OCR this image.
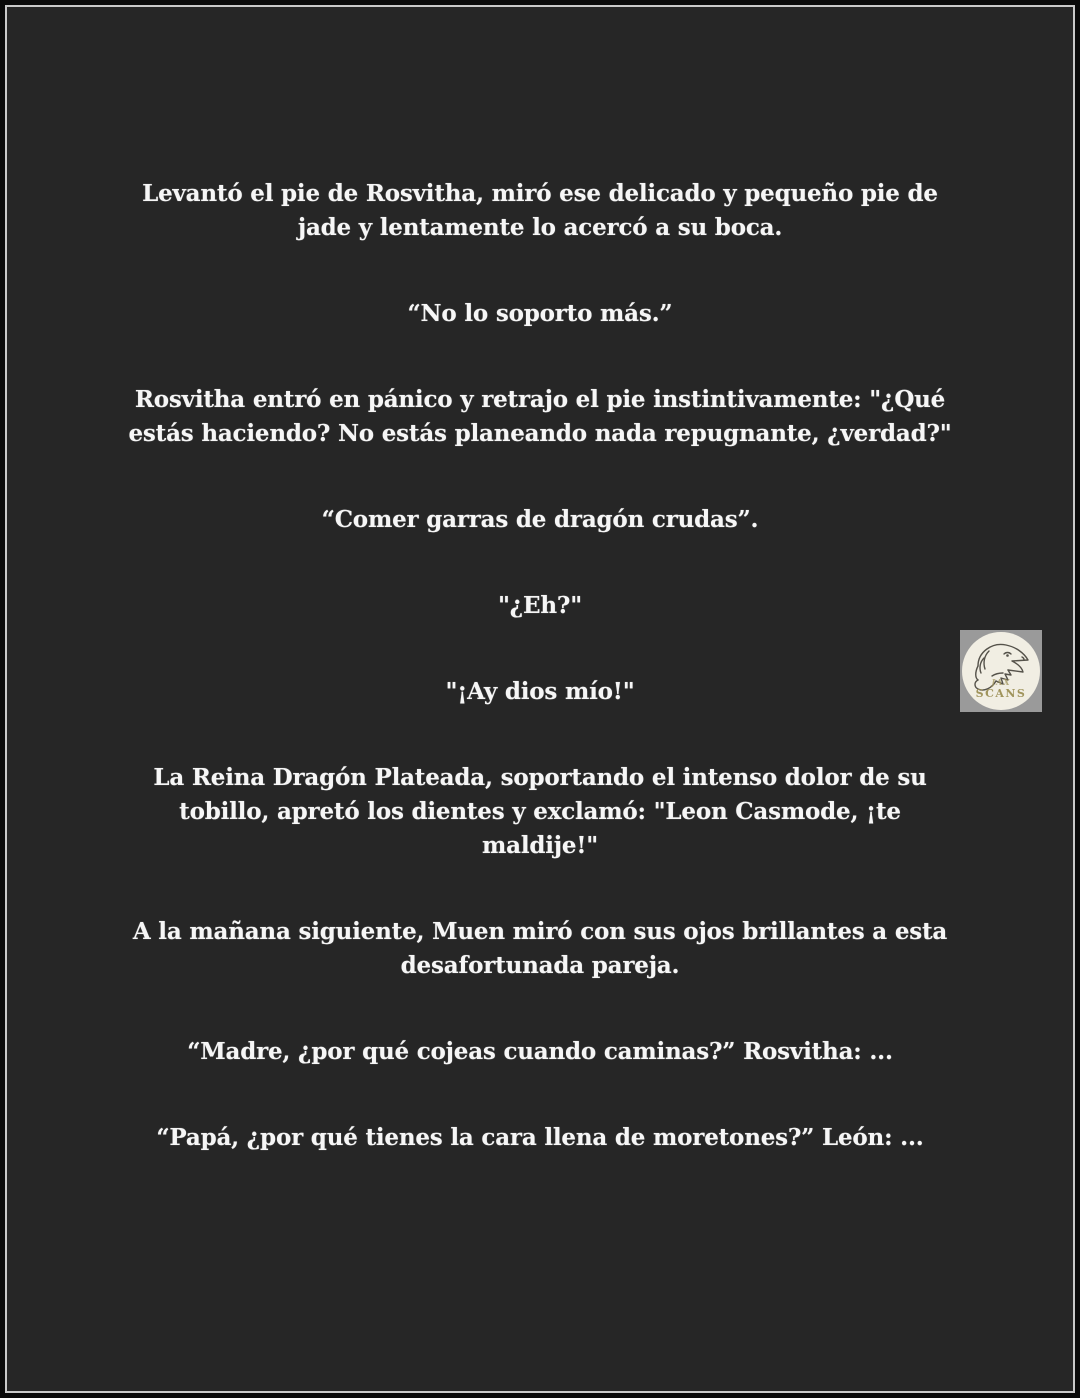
Levantó el pie de Rosvitha, miró ese delicado y pequeño pie de jade y lentamente lo acercó a su boca.

“No lo soporto más.”

Rosvitha entró en pánico y retrajo el pie instintivamente: "¿Qué estás haciendo? No estás planeando nada repugnante, ¿verdad?"

“Comer garras de dragón crudas”.

"¿Eh?"

"¡Ay dios mío!"

La Reina Dragón Plateada, soportando el intenso dolor de su tobillo, apretó los dientes y exclamó: "Leon Casmode, ¡te maldije!"

A la mañana siguiente, Muen miró con sus ojos brillantes a esta desafortunada pareja.

“Madre, ¿por qué cojeas cuando caminas?” Rosvitha: ...

“Papá, ¿por qué tienes la cara llena de moretones?” León: ...

JAX
SCANS
